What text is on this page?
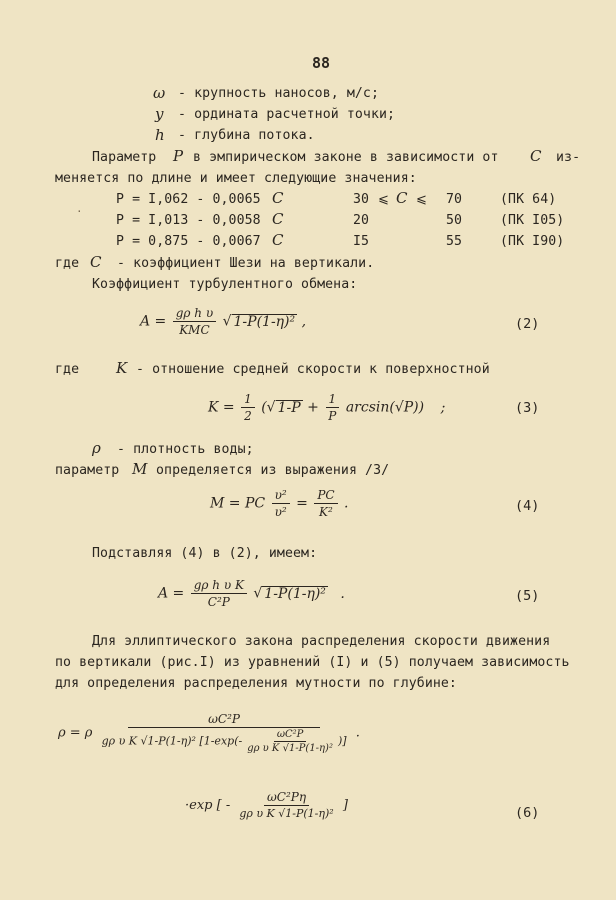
88
ω - крупность наносов, м/с;
y - ордината расчетной точки;
h - глубина потока.
Параметр P в эмпирическом законе в зависимости от C из-
меняется по длине и имеет следующие значения:
P = I,062 - 0,0065 C	30 ⩽ C ⩽ 70	(ПК 64)
P = I,013 - 0,0058 C	20	50	(ПК I05)
P = 0,875 - 0,0067 C	I5	55	(ПК I90)
·
где C - коэффициент Шези на вертикали.
Коэффициент турбулентного обмена:
$A = \frac{\text{gρ h υ}}{\text{KMC}}$ √ 1-P(1-η)² ,	(2)
где K - отношение средней скорости к поверхностной
$K = \frac{1}{2}$ (√ $1-P + \frac{1}{P} \arcsin(√P)$) ;	(3)
ρ - плотность воды;
параметр M определяется из выражения /3/
M = PC $\frac{\text{υ²}}{\text{υ²}} = \frac{PC}{\text{K²}}$ .	(4)
Подставляя (4) в (2), имеем:
$A = \frac{\text{gρ h υ K}}{\text{C²P}}$ √ 1-P(1-η)² .	(5)
Для эллиптического закона распределения скорости движения
по вертикали (рис.I) из уравнений (I) и (5) получаем зависимость
для определения распределения мутности по глубине:
ρ = ρ $\frac{\text{ωC²P}}{g\rho \upsilon K √1-P(1-\eta)^2 [1-\exp(- \frac{\text{ωC²P}}{\text{gρ υ K √1-P(1-η)²}} )]}$ .
·exp [ - $\frac{\text{ωC²Pη}}{\text{gρ υ K √1-P(1-η)²}}$ ]	(6)
